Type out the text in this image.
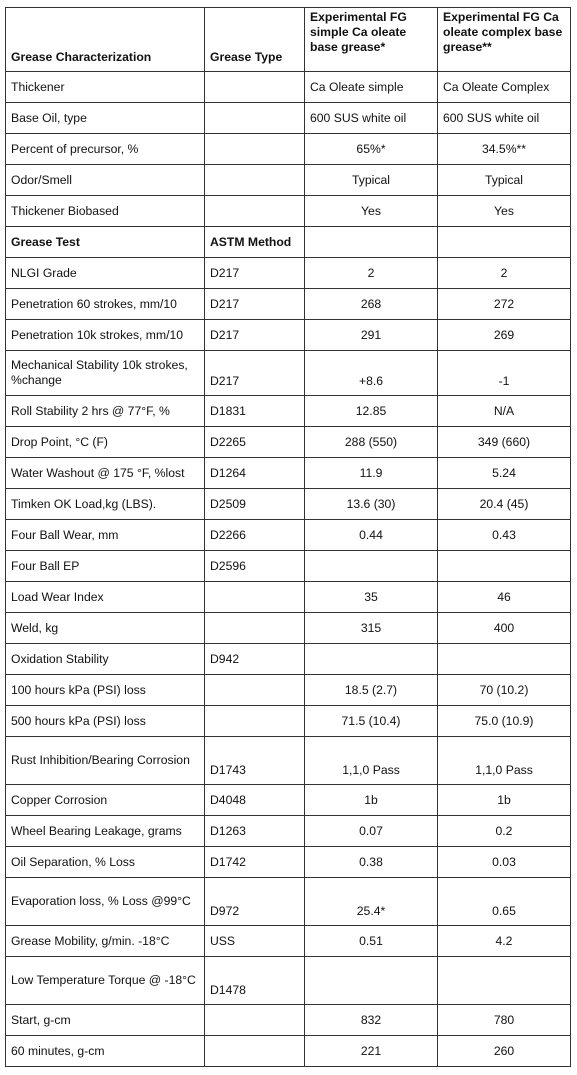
Grease Characterization	Grease Type	Experimental FG simple Ca oleate base grease*	Experimental FG Ca oleate complex base grease**
Thickener		Ca Oleate simple	Ca Oleate Complex
Base Oil, type		600 SUS white oil	600 SUS white oil
Percent of precursor, %		65%*	34.5%**
Odor/Smell		Typical	Typical
Thickener Biobased		Yes	Yes
Grease Test	ASTM Method		
NLGI Grade	D217	2	2
Penetration 60 strokes, mm/10	D217	268	272
Penetration 10k strokes, mm/10	D217	291	269
Mechanical Stability 10k strokes, %change	D217	+8.6	-1
Roll Stability 2 hrs @ 77°F, %	D1831	12.85	N/A
Drop Point, °C (F)	D2265	288 (550)	349 (660)
Water Washout @ 175 °F, %lost	D1264	11.9	5.24
Timken OK Load,kg (LBS).	D2509	13.6 (30)	20.4 (45)
Four Ball Wear, mm	D2266	0.44	0.43
Four Ball EP	D2596		
Load Wear Index		35	46
Weld, kg		315	400
Oxidation Stability	D942		
100 hours kPa (PSI) loss		18.5 (2.7)	70 (10.2)
500 hours kPa (PSI) loss		71.5 (10.4)	75.0 (10.9)
Rust Inhibition/Bearing Corrosion	D1743	1,1,0 Pass	1,1,0 Pass
Copper Corrosion	D4048	1b	1b
Wheel Bearing Leakage, grams	D1263	0.07	0.2
Oil Separation, % Loss	D1742	0.38	0.03
Evaporation loss, % Loss @99°C	D972	25.4*	0.65
Grease Mobility, g/min. -18°C	USS	0.51	4.2
Low Temperature Torque @ -18°C	D1478		
Start, g-cm		832	780
60 minutes, g-cm		221	260
